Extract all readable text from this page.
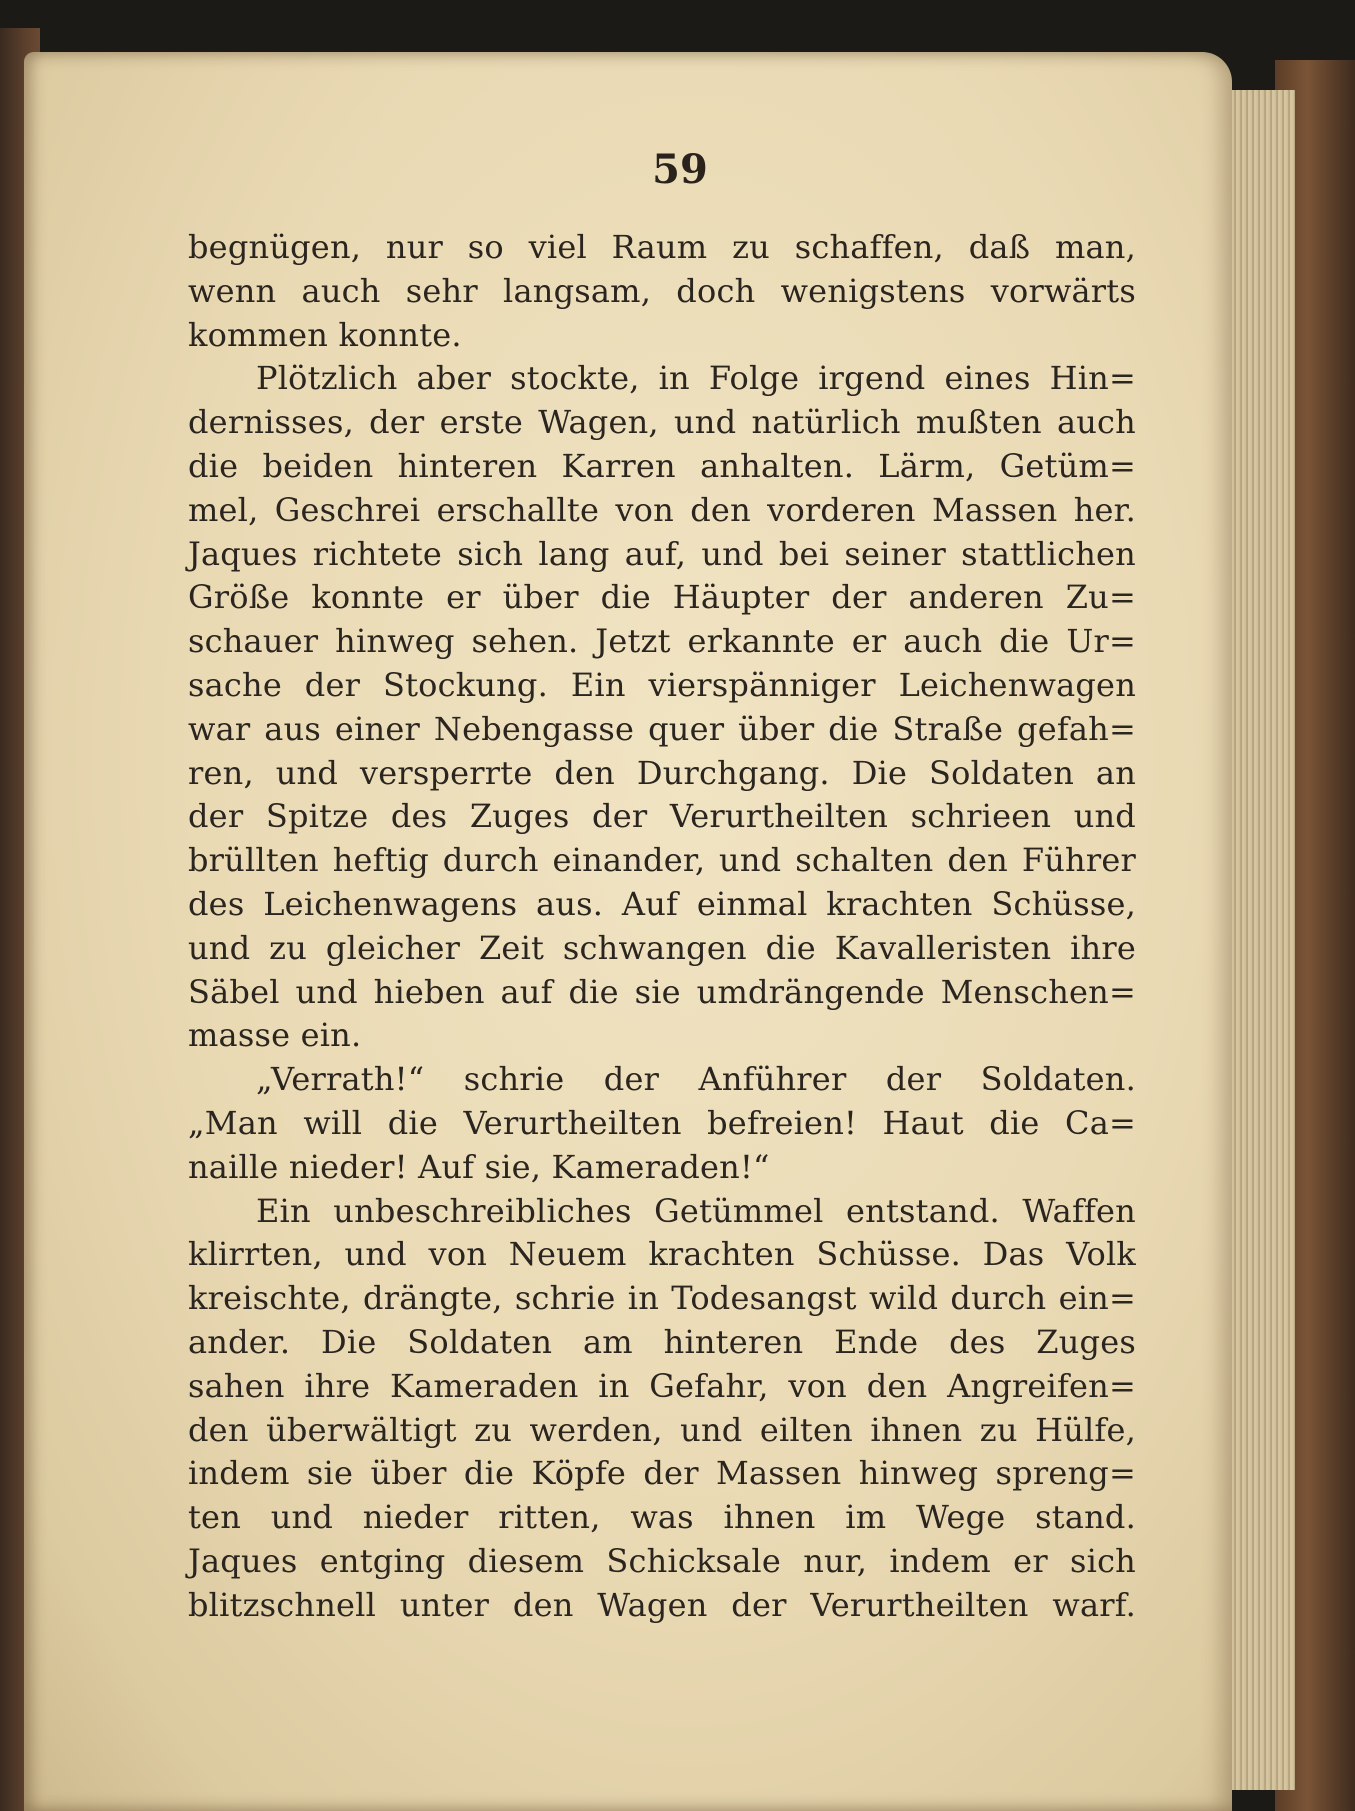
59
begnügen, nur so viel Raum zu schaffen, daß man,
wenn auch sehr langsam, doch wenigstens vorwärts
kommen konnte.
Plötzlich aber stockte, in Folge irgend eines Hin=
dernisses, der erste Wagen, und natürlich mußten auch
die beiden hinteren Karren anhalten. Lärm, Getüm=
mel, Geschrei erschallte von den vorderen Massen her.
Jaques richtete sich lang auf, und bei seiner stattlichen
Größe konnte er über die Häupter der anderen Zu=
schauer hinweg sehen. Jetzt erkannte er auch die Ur=
sache der Stockung. Ein vierspänniger Leichenwagen
war aus einer Nebengasse quer über die Straße gefah=
ren, und versperrte den Durchgang. Die Soldaten an
der Spitze des Zuges der Verurtheilten schrieen und
brüllten heftig durch einander, und schalten den Führer
des Leichenwagens aus. Auf einmal krachten Schüsse,
und zu gleicher Zeit schwangen die Kavalleristen ihre
Säbel und hieben auf die sie umdrängende Menschen=
masse ein.
„Verrath!“ schrie der Anführer der Soldaten.
„Man will die Verurtheilten befreien! Haut die Ca=
naille nieder! Auf sie, Kameraden!“
Ein unbeschreibliches Getümmel entstand. Waffen
klirrten, und von Neuem krachten Schüsse. Das Volk
kreischte, drängte, schrie in Todesangst wild durch ein=
ander. Die Soldaten am hinteren Ende des Zuges
sahen ihre Kameraden in Gefahr, von den Angreifen=
den überwältigt zu werden, und eilten ihnen zu Hülfe,
indem sie über die Köpfe der Massen hinweg spreng=
ten und nieder ritten, was ihnen im Wege stand.
Jaques entging diesem Schicksale nur, indem er sich
blitzschnell unter den Wagen der Verurtheilten warf.
